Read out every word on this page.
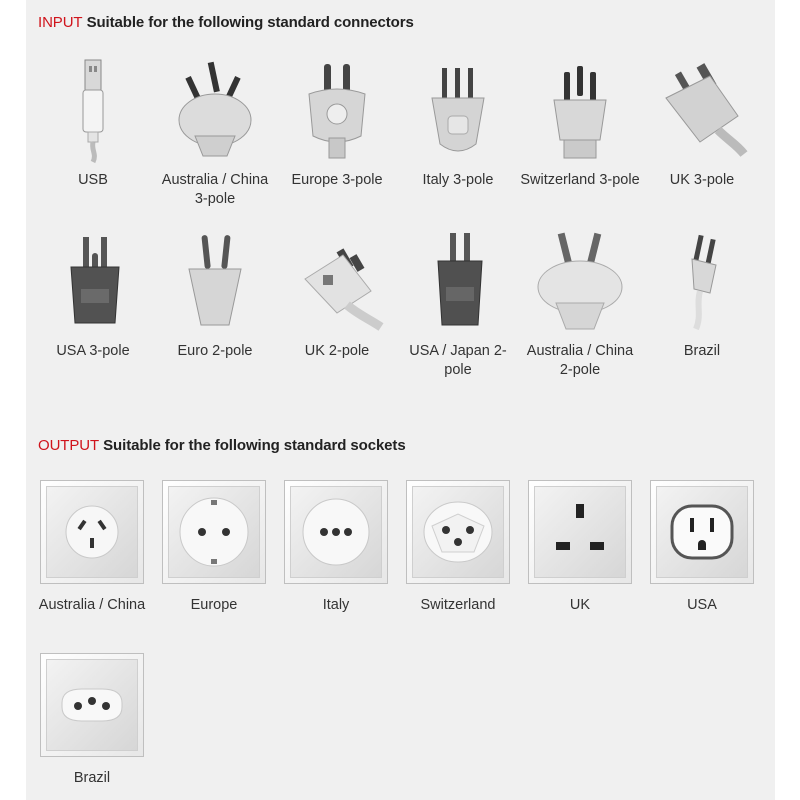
INPUT Suitable for the following standard connectors
USB	Australia / China 3-pole
Europe 3-pole	Italy 3-pole	Switzerland 3-pole	UK 3-pole
USA 3-pole	Euro 2-pole	UK 2-pole	USA / Japan 2-pole
Australia / China 2-pole
Brazil
OUTPUT Suitable for the following standard sockets
Australia / China	Europe	Italy	Switzerland	UK	USA
Brazil
